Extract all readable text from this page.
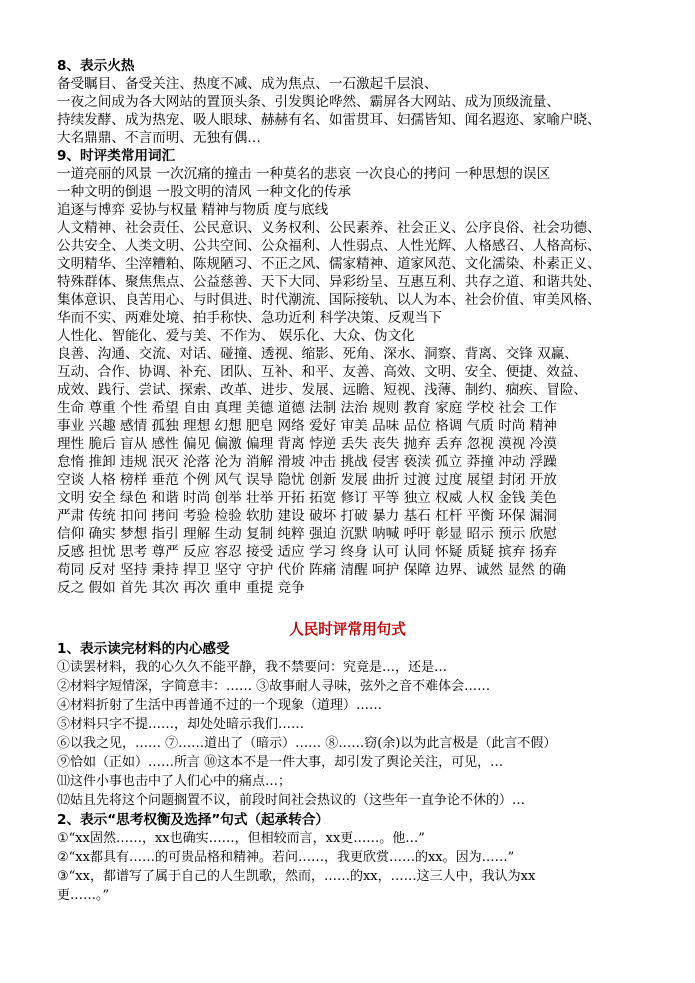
8、表示火热
备受瞩目、备受关注、热度不减、成为焦点、一石激起千层浪、
一夜之间成为各大网站的置顶头条、引发舆论哗然、霸屏各大网站、成为顶级流量、
持续发酵、成为热宠、吸人眼球、赫赫有名、如雷贯耳、妇孺皆知、闻名遐迩、家喻户晓、
大名鼎鼎、不言而明、无独有偶…
9、时评类常用词汇
一道亮丽的风景 一次沉痛的撞击 一种莫名的悲哀 一次良心的拷问 一种思想的误区
一种文明的倒退 一股文明的清风 一种文化的传承
追逐与博弈 妥协与权量 精神与物质 度与底线
人文精神、社会责任、公民意识、义务权利、公民素养、社会正义、公序良俗、社会功德、
公共安全、人类文明、公共空间、公众福利、人性弱点、人性光辉、人格感召、人格高标、
文明精华、尘滓糟粕、陈规陋习、不正之风、儒家精神、道家风范、文化濡染、朴素正义、
特殊群体、聚焦焦点、公益慈善、天下大同、异彩纷呈、互惠互利、共存之道、和谐共处、
集体意识、良苦用心、与时俱进、时代潮流、国际接轨、以人为本、社会价值、审美风格、
华而不实、两难处境、拍手称快、急功近利 科学决策、反观当下
人性化、智能化、爱与美、不作为、 娱乐化、大众、伪文化
良善、沟通、交流、对话、碰撞、透视、缩影、死角、深水、洞察、背离、交锋 双赢、
互动、合作、协调、补充、团队、互补、和平、友善、高效、文明、安全、便捷、效益、
成效、践行、尝试、探索、改革、进步、发展、远瞻、短视、浅薄、制约、痼疾、冒险、
生命 尊重 个性 希望 自由 真理 美德 道德 法制 法治 规则 教育 家庭 学校 社会 工作
事业 兴趣 感情 孤独 理想 幻想 肥皂 网络 爱好 审美 品味 品位 格调 气质 时尚 精神
理性 脆后 盲从 感性 偏见 偏激 偏理 背离 悖逆 丢失 丧失 抛弃 丢弃 忽视 漠视 冷漠
怠惰 推卸 违规 泯灭 沦落 沦为 消解 滑坡 冲击 挑战 侵害 亵渎 孤立 莽撞 冲动 浮躁
空谈 人格 榜样 垂范 个例 风气 误导 隐忧 创新 发展 曲折 过渡 过度 展望 封闭 开放
文明 安全 绿色 和谐 时尚 创举 壮举 开拓 拓宽 修订 平等 独立 权威 人权 金钱 美色
严肃 传统 扣问 拷问 考验 检验 软肋 建设 破坏 打破 暴力 基石 杠杆 平衡 环保 漏洞
信仰 确实 梦想 指引 理解 生动 复制 纯粹 强迫 沉默 呐喊 呼吁 彰显 昭示 预示 欣慰
反感 担忧 思考 尊严 反应 容忍 接受 适应 学习 终身 认可 认同 怀疑 质疑 摈弃 扬弃
苟同 反对 坚持 秉持 捍卫 坚守 守护 代价 阵痛 清醒 呵护 保障 边界、诚然 显然 的确
反之 假如 首先 其次 再次 重申 重提 竞争
人民时评常用句式
1、表示读完材料的内心感受
①读罢材料，我的心久久不能平静，我不禁要问：究竟是…，还是…
②材料字短情深，字简意丰：…… ③故事耐人寻味，弦外之音不难体会……
④材料折射了生活中再普通不过的一个现象（道理）……
⑤材料只字不提……，却处处暗示我们……
⑥以我之见，…… ⑦……道出了（暗示）…… ⑧……窃(余)以为此言极是（此言不假）
⑨恰如（正如）……所言 ⑩这本不是一件大事，却引发了舆论关注，可见，…
⑾这件小事也击中了人们心中的痛点…；
⑿姑且先将这个问题搁置不议，前段时间社会热议的（这些年一直争论不休的）…
2、表示“思考权衡及选择”句式（起承转合）
①“xx固然……，xx也确实……，但相较而言，xx更……。他…”
②“xx都具有……的可贵品格和精神。若问……，我更欣赏……的xx。因为……”
③“xx，都谱写了属于自己的人生凯歌，然而，……的xx，……这三人中，我认为xx
更……。”
